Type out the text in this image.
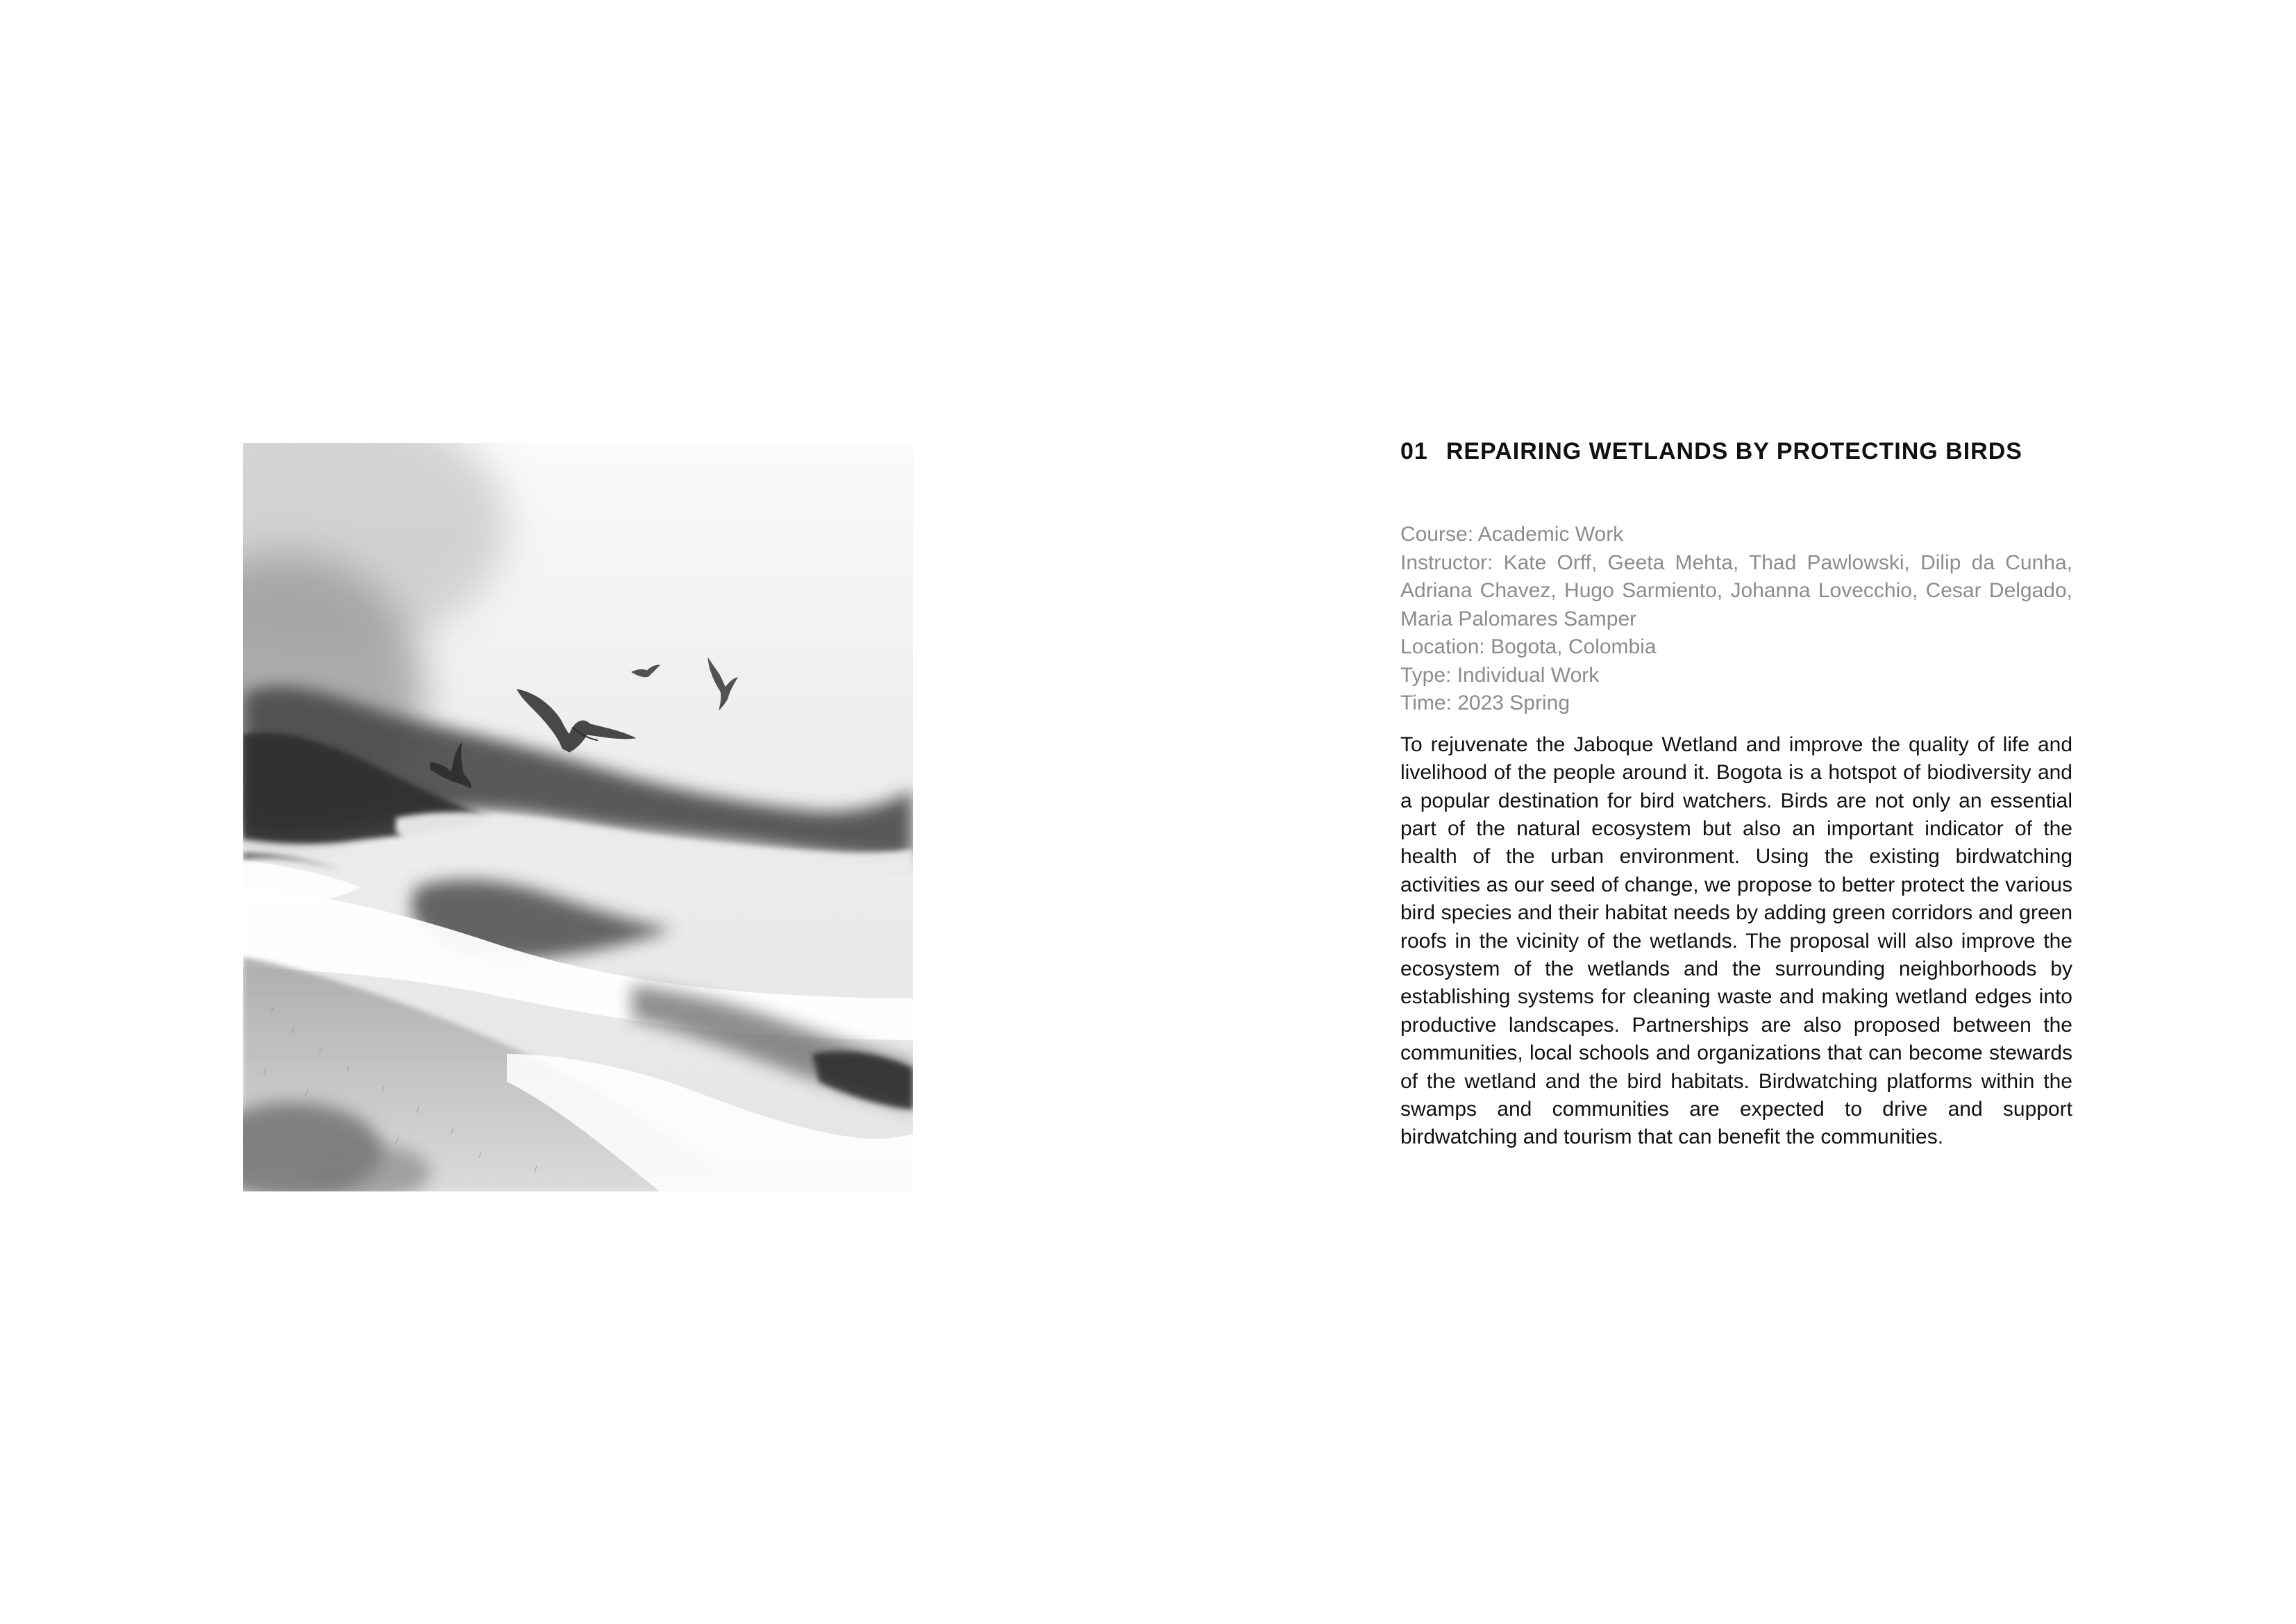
01 REPAIRING WETLANDS BY PROTECTING BIRDS
Course: Academic Work
Instructor: Kate Orff, Geeta Mehta, Thad Pawlowski, Dilip da Cunha, Adriana Chavez, Hugo Sarmiento, Johanna Lovecchio, Cesar Delgado, Maria Palomares Samper
Location: Bogota, Colombia
Type: Individual Work
Time: 2023 Spring

To rejuvenate the Jaboque Wetland and improve the quality of life and livelihood of the people around it. Bogota is a hotspot of biodiversity and a popular destination for bird watchers. Birds are not only an essential part of the natural ecosystem but also an important indicator of the health of the urban environment. Using the existing birdwatching activities as our seed of change, we propose to better protect the various bird species and their habitat needs by adding green corridors and green roofs in the vicinity of the wetlands. The proposal will also improve the ecosystem of the wetlands and the surrounding neighborhoods by establishing systems for cleaning waste and making wetland edges into productive landscapes. Partnerships are also proposed between the communities, local schools and organizations that can become stewards of the wetland and the bird habitats. Birdwatching platforms within the swamps and communities are expected to drive and support birdwatching and tourism that can benefit the communities.
